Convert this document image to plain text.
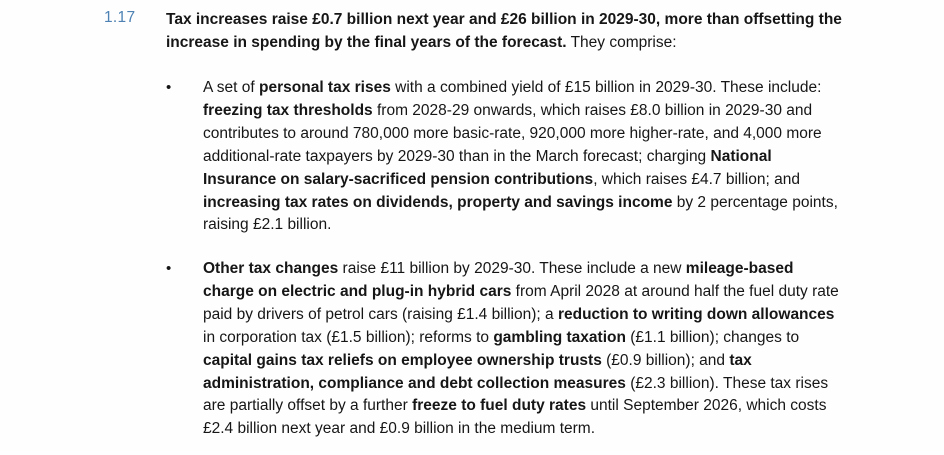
1.17 Tax increases raise £0.7 billion next year and £26 billion in 2029-30, more than offsetting the increase in spending by the final years of the forecast. They comprise:
• A set of personal tax rises with a combined yield of £15 billion in 2029-30. These include: freezing tax thresholds from 2028-29 onwards, which raises £8.0 billion in 2029-30 and contributes to around 780,000 more basic-rate, 920,000 more higher-rate, and 4,000 more additional-rate taxpayers by 2029-30 than in the March forecast; charging National Insurance on salary-sacrificed pension contributions, which raises £4.7 billion; and increasing tax rates on dividends, property and savings income by 2 percentage points, raising £2.1 billion.
• Other tax changes raise £11 billion by 2029-30. These include a new mileage-based charge on electric and plug-in hybrid cars from April 2028 at around half the fuel duty rate paid by drivers of petrol cars (raising £1.4 billion); a reduction to writing down allowances in corporation tax (£1.5 billion); reforms to gambling taxation (£1.1 billion); changes to capital gains tax reliefs on employee ownership trusts (£0.9 billion); and tax administration, compliance and debt collection measures (£2.3 billion). These tax rises are partially offset by a further freeze to fuel duty rates until September 2026, which costs £2.4 billion next year and £0.9 billion in the medium term.
